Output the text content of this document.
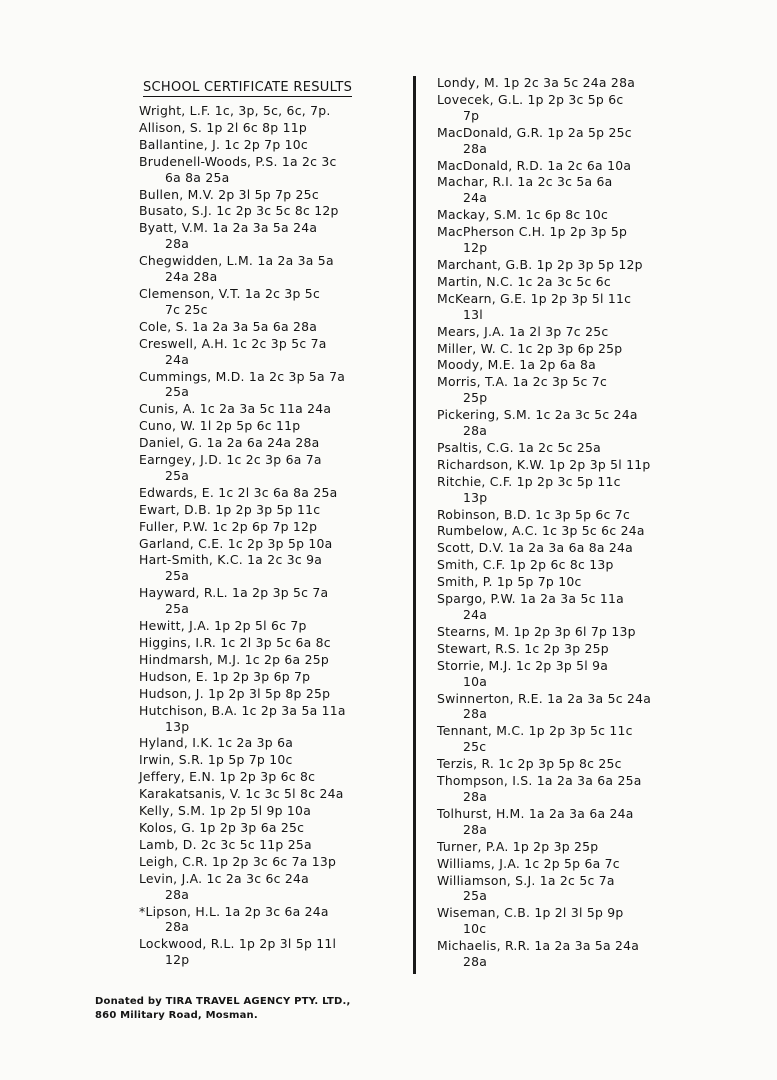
SCHOOL CERTIFICATE RESULTS
Wright, L.F. 1c, 3p, 5c, 6c, 7p.
Allison, S. 1p 2l 6c 8p 11p
Ballantine, J. 1c 2p 7p 10c
Brudenell-Woods, P.S. 1a 2c 3c
6a 8a 25a
Bullen, M.V. 2p 3l 5p 7p 25c
Busato, S.J. 1c 2p 3c 5c 8c 12p
Byatt, V.M. 1a 2a 3a 5a 24a
28a
Chegwidden, L.M. 1a 2a 3a 5a
24a 28a
Clemenson, V.T. 1a 2c 3p 5c
7c 25c
Cole, S. 1a 2a 3a 5a 6a 28a
Creswell, A.H. 1c 2c 3p 5c 7a
24a
Cummings, M.D. 1a 2c 3p 5a 7a
25a
Cunis, A. 1c 2a 3a 5c 11a 24a
Cuno, W. 1l 2p 5p 6c 11p
Daniel, G. 1a 2a 6a 24a 28a
Earngey, J.D. 1c 2c 3p 6a 7a
25a
Edwards, E. 1c 2l 3c 6a 8a 25a
Ewart, D.B. 1p 2p 3p 5p 11c
Fuller, P.W. 1c 2p 6p 7p 12p
Garland, C.E. 1c 2p 3p 5p 10a
Hart-Smith, K.C. 1a 2c 3c 9a
25a
Hayward, R.L. 1a 2p 3p 5c 7a
25a
Hewitt, J.A. 1p 2p 5l 6c 7p
Higgins, I.R. 1c 2l 3p 5c 6a 8c
Hindmarsh, M.J. 1c 2p 6a 25p
Hudson, E. 1p 2p 3p 6p 7p
Hudson, J. 1p 2p 3l 5p 8p 25p
Hutchison, B.A. 1c 2p 3a 5a 11a
13p
Hyland, I.K. 1c 2a 3p 6a
Irwin, S.R. 1p 5p 7p 10c
Jeffery, E.N. 1p 2p 3p 6c 8c
Karakatsanis, V. 1c 3c 5l 8c 24a
Kelly, S.M. 1p 2p 5l 9p 10a
Kolos, G. 1p 2p 3p 6a 25c
Lamb, D. 2c 3c 5c 11p 25a
Leigh, C.R. 1p 2p 3c 6c 7a 13p
Levin, J.A. 1c 2a 3c 6c 24a
28a
*Lipson, H.L. 1a 2p 3c 6a 24a
28a
Lockwood, R.L. 1p 2p 3l 5p 11l
12p
Londy, M. 1p 2c 3a 5c 24a 28a
Lovecek, G.L. 1p 2p 3c 5p 6c
7p
MacDonald, G.R. 1p 2a 5p 25c
28a
MacDonald, R.D. 1a 2c 6a 10a
Machar, R.I. 1a 2c 3c 5a 6a
24a
Mackay, S.M. 1c 6p 8c 10c
MacPherson C.H. 1p 2p 3p 5p
12p
Marchant, G.B. 1p 2p 3p 5p 12p
Martin, N.C. 1c 2a 3c 5c 6c
McKearn, G.E. 1p 2p 3p 5l 11c
13l
Mears, J.A. 1a 2l 3p 7c 25c
Miller, W. C. 1c 2p 3p 6p 25p
Moody, M.E. 1a 2p 6a 8a
Morris, T.A. 1a 2c 3p 5c 7c
25p
Pickering, S.M. 1c 2a 3c 5c 24a
28a
Psaltis, C.G. 1a 2c 5c 25a
Richardson, K.W. 1p 2p 3p 5l 11p
Ritchie, C.F. 1p 2p 3c 5p 11c
13p
Robinson, B.D. 1c 3p 5p 6c 7c
Rumbelow, A.C. 1c 3p 5c 6c 24a
Scott, D.V. 1a 2a 3a 6a 8a 24a
Smith, C.F. 1p 2p 6c 8c 13p
Smith, P. 1p 5p 7p 10c
Spargo, P.W. 1a 2a 3a 5c 11a
24a
Stearns, M. 1p 2p 3p 6l 7p 13p
Stewart, R.S. 1c 2p 3p 25p
Storrie, M.J. 1c 2p 3p 5l 9a
10a
Swinnerton, R.E. 1a 2a 3a 5c 24a
28a
Tennant, M.C. 1p 2p 3p 5c 11c
25c
Terzis, R. 1c 2p 3p 5p 8c 25c
Thompson, I.S. 1a 2a 3a 6a 25a
28a
Tolhurst, H.M. 1a 2a 3a 6a 24a
28a
Turner, P.A. 1p 2p 3p 25p
Williams, J.A. 1c 2p 5p 6a 7c
Williamson, S.J. 1a 2c 5c 7a
25a
Wiseman, C.B. 1p 2l 3l 5p 9p
10c
Michaelis, R.R. 1a 2a 3a 5a 24a
28a
Donated by TIRA TRAVEL AGENCY PTY. LTD.,
860 Military Road, Mosman.
